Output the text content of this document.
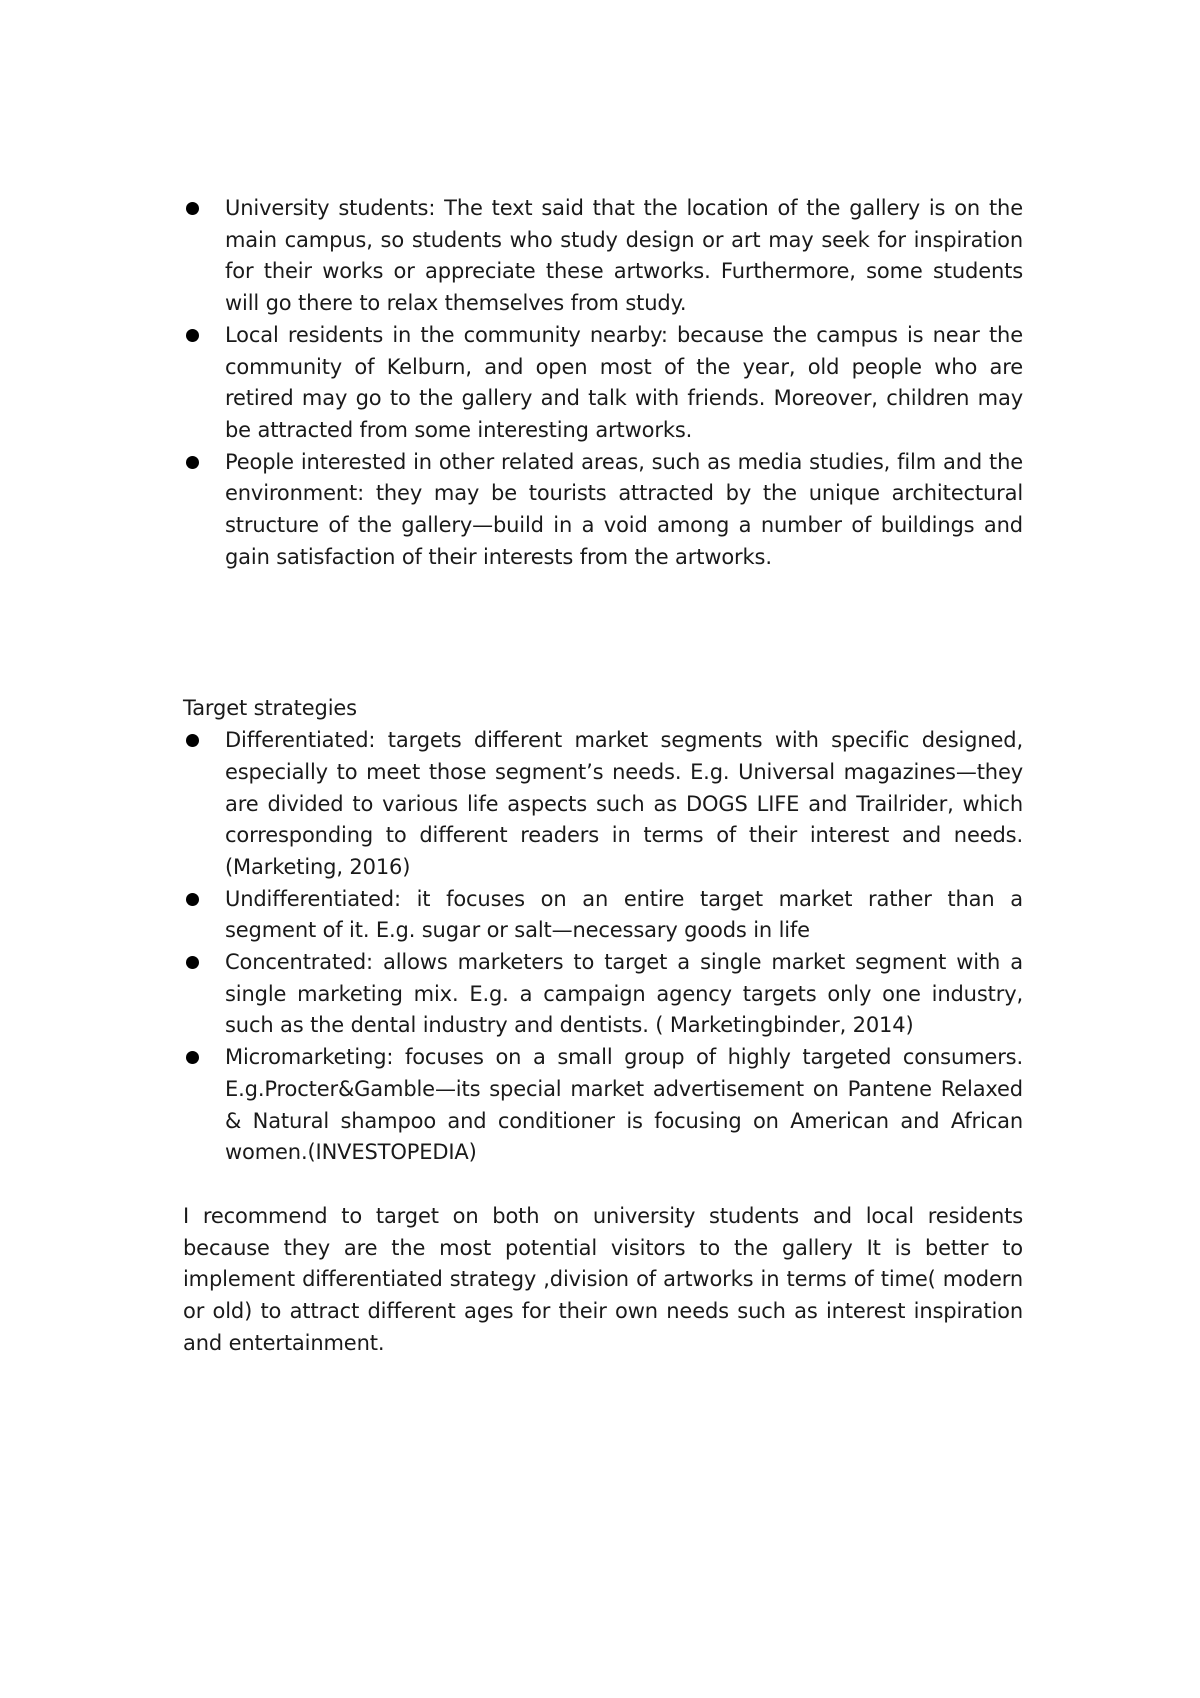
University students: The text said that the location of the gallery is on the main campus, so students who study design or art may seek for inspiration for their works or appreciate these artworks. Furthermore, some students will go there to relax themselves from study.
Local residents in the community nearby: because the campus is near the community of Kelburn, and open most of the year, old people who are retired may go to the gallery and talk with friends. Moreover, children may be attracted from some interesting artworks.
People interested in other related areas, such as media studies, film and the environment: they may be tourists attracted by the unique architectural structure of the gallery—build in a void among a number of buildings and gain satisfaction of their interests from the artworks.
Target strategies
Differentiated: targets different market segments with specific designed, especially to meet those segment’s needs. E.g. Universal magazines—they are divided to various life aspects such as DOGS LIFE and Trailrider, which corresponding to different readers in terms of their interest and needs.(Marketing, 2016)
Undifferentiated: it focuses on an entire target market rather than a segment of it. E.g. sugar or salt—necessary goods in life
Concentrated: allows marketers to target a single market segment with a single marketing mix. E.g. a campaign agency targets only one industry, such as the dental industry and dentists. ( Marketingbinder, 2014)
Micromarketing: focuses on a small group of highly targeted consumers. E.g.Procter&Gamble—its special market advertisement on Pantene Relaxed & Natural shampoo and conditioner is focusing on American and African women.(INVESTOPEDIA)
I recommend to target on both on university students and local residents because they are the most potential visitors to the gallery It is better to implement differentiated strategy ,division of artworks in terms of time( modern or old) to attract different ages for their own needs such as interest inspiration and entertainment.
